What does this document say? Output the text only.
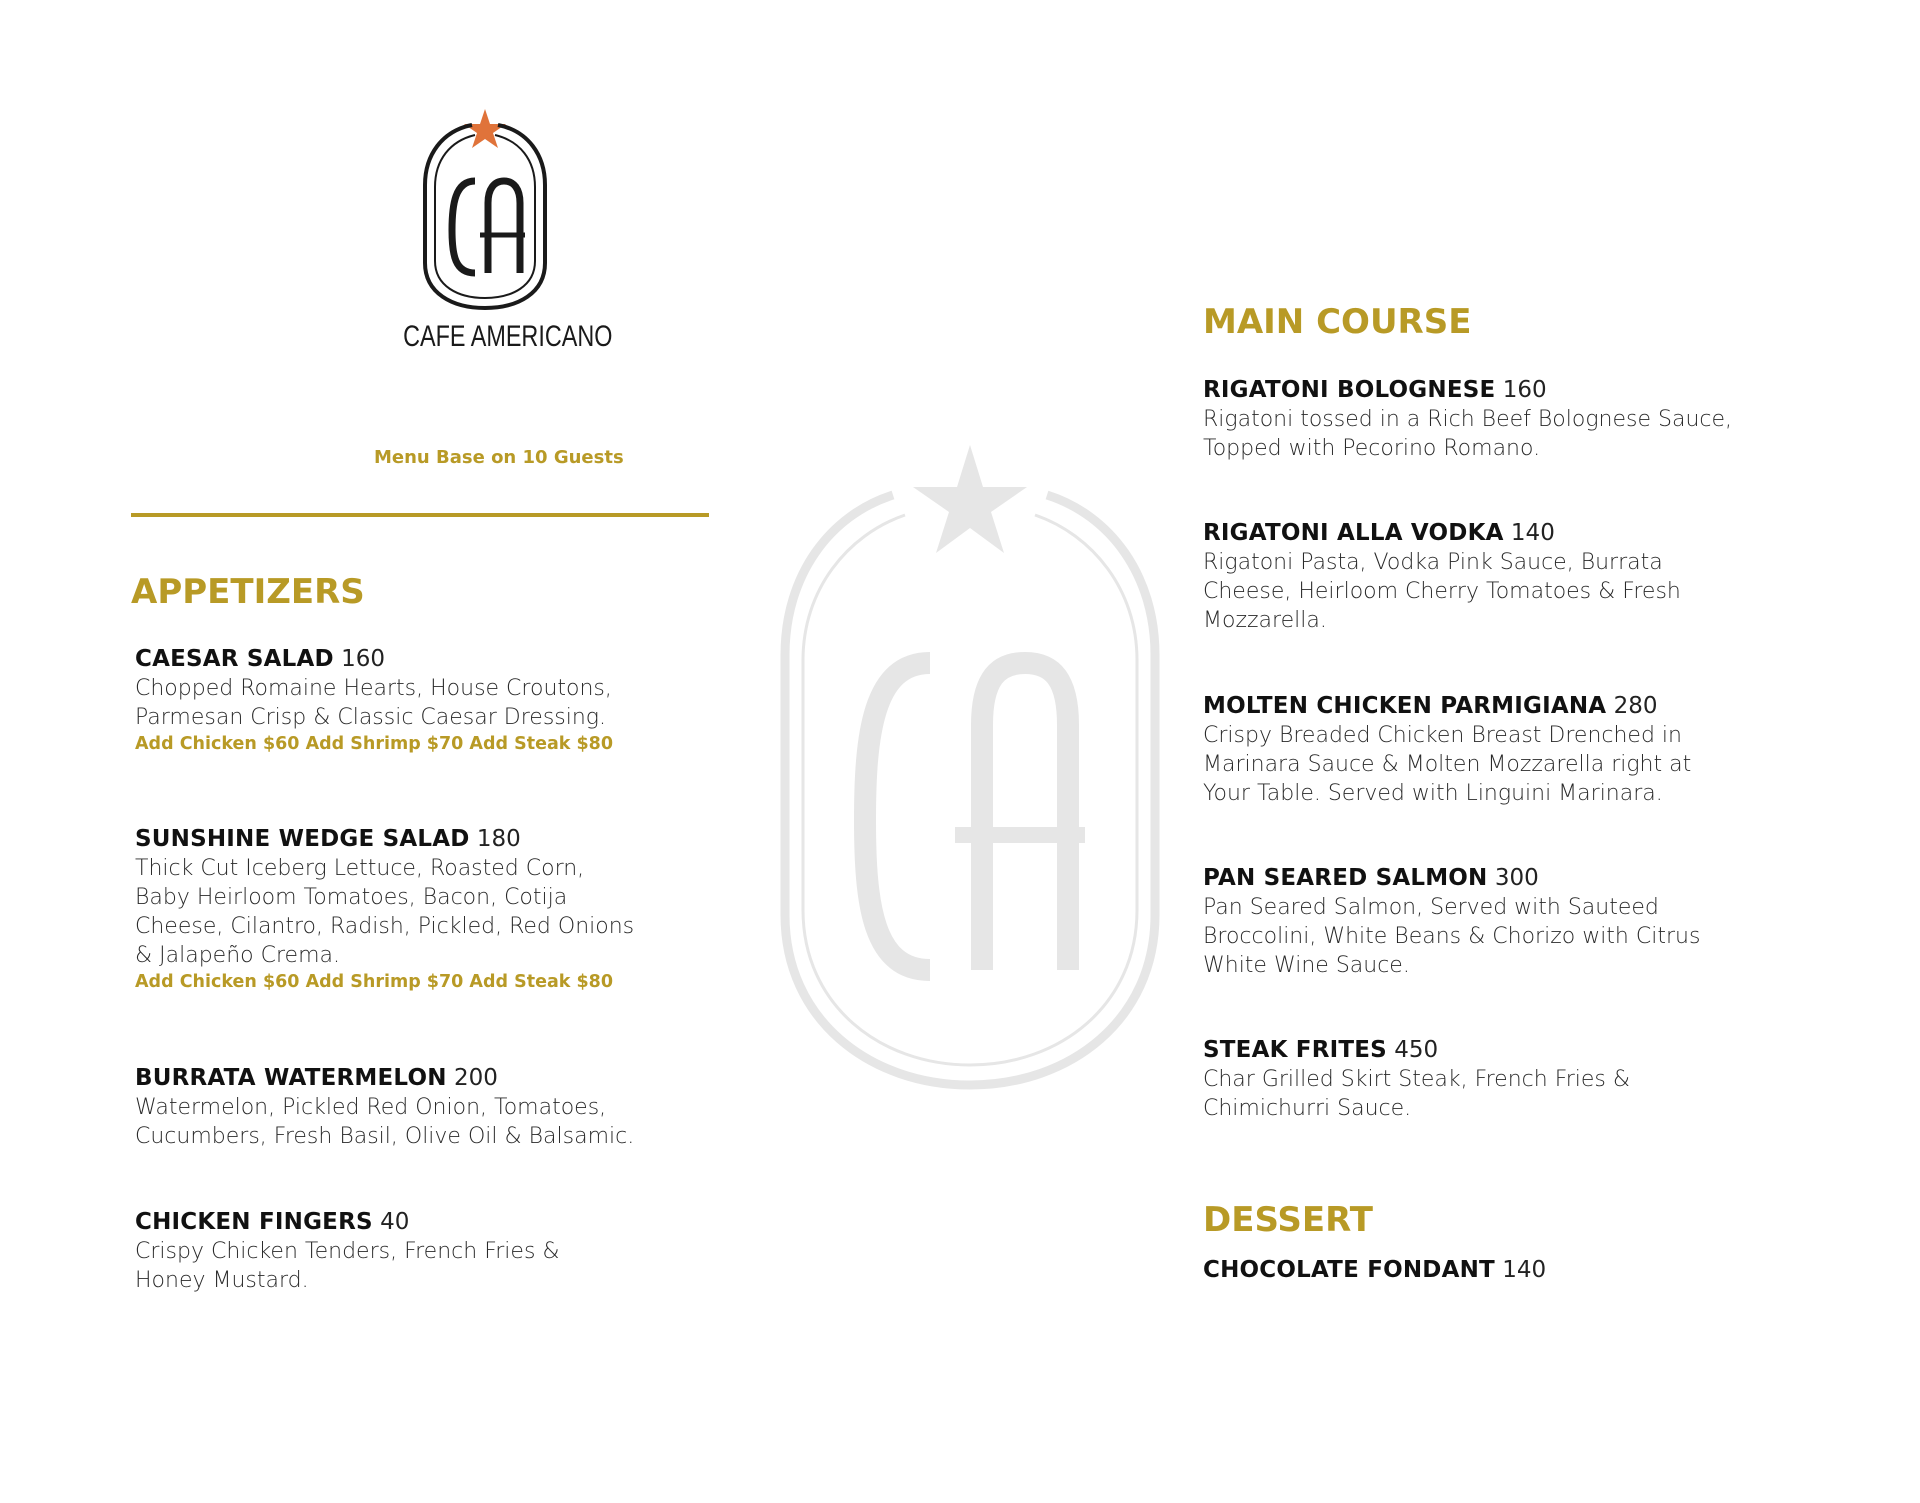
CAFE AMERICANO
Menu Base on 10 Guests
APPETIZERS
CAESAR SALAD 160
Chopped Romaine Hearts, House Croutons,
Parmesan Crisp & Classic Caesar Dressing.
Add Chicken $60 Add Shrimp $70 Add Steak $80
SUNSHINE WEDGE SALAD 180
Thick Cut Iceberg Lettuce, Roasted Corn,
Baby Heirloom Tomatoes, Bacon, Cotija
Cheese, Cilantro, Radish, Pickled, Red Onions
& Jalapeño Crema.
Add Chicken $60 Add Shrimp $70 Add Steak $80
BURRATA WATERMELON 200
Watermelon, Pickled Red Onion, Tomatoes,
Cucumbers, Fresh Basil, Olive Oil & Balsamic.
CHICKEN FINGERS 40
Crispy Chicken Tenders, French Fries &
Honey Mustard.
MAIN COURSE
RIGATONI BOLOGNESE 160
Rigatoni tossed in a Rich Beef Bolognese Sauce,
Topped with Pecorino Romano.
RIGATONI ALLA VODKA 140
Rigatoni Pasta, Vodka Pink Sauce, Burrata
Cheese, Heirloom Cherry Tomatoes & Fresh
Mozzarella.
MOLTEN CHICKEN PARMIGIANA 280
Crispy Breaded Chicken Breast Drenched in
Marinara Sauce & Molten Mozzarella right at
Your Table. Served with Linguini Marinara.
PAN SEARED SALMON 300
Pan Seared Salmon, Served with Sauteed
Broccolini, White Beans & Chorizo with Citrus
White Wine Sauce.
STEAK FRITES 450
Char Grilled Skirt Steak, French Fries &
Chimichurri Sauce.
DESSERT
CHOCOLATE FONDANT 140
